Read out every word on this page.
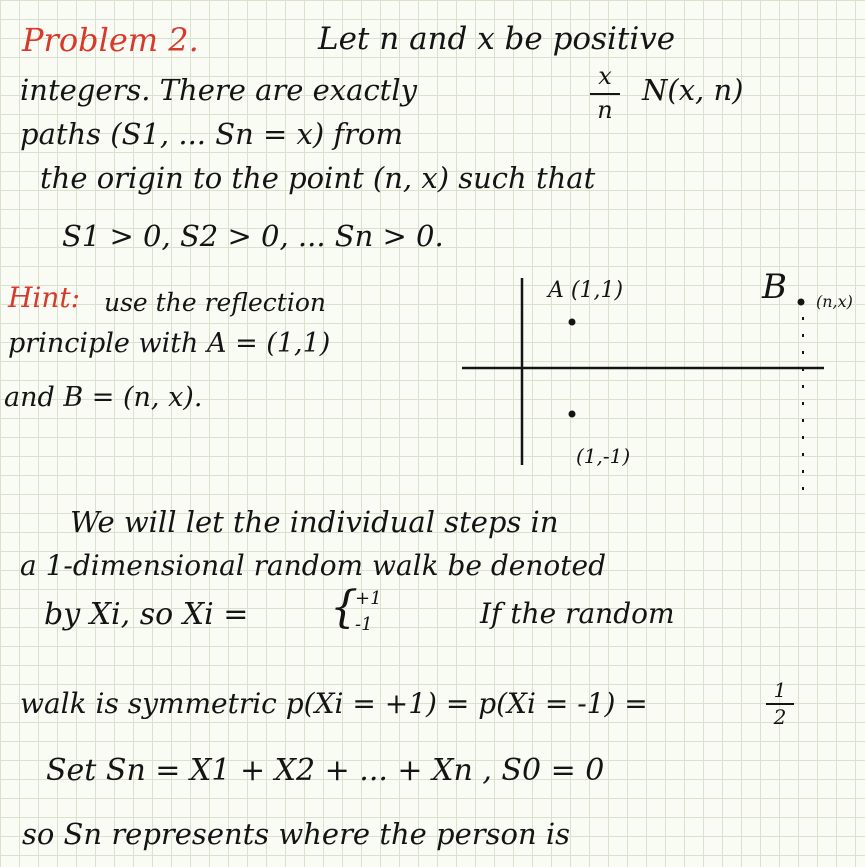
Problem 2.	Let n and x be positive
integers. There are exactly	x
n
N(x, n)
paths (S1, ... Sn = x) from
the origin to the point (n, x) such that
S1 > 0, S2 > 0, ... Sn > 0.
Hint: use the reflection
principle with A = (1,1)
and B = (n, x).
A (1,1)	B (n,x)
(1,-1)
We will let the individual steps in
a 1-dimensional random walk be denoted
by Xi, so Xi = {
+1
-1	If the random
walk is symmetric p(Xi = +1) = p(Xi = -1) =	1
2
Set Sn = X1 + X2 + ... + Xn , S0 = 0
so Sn represents where the person is
